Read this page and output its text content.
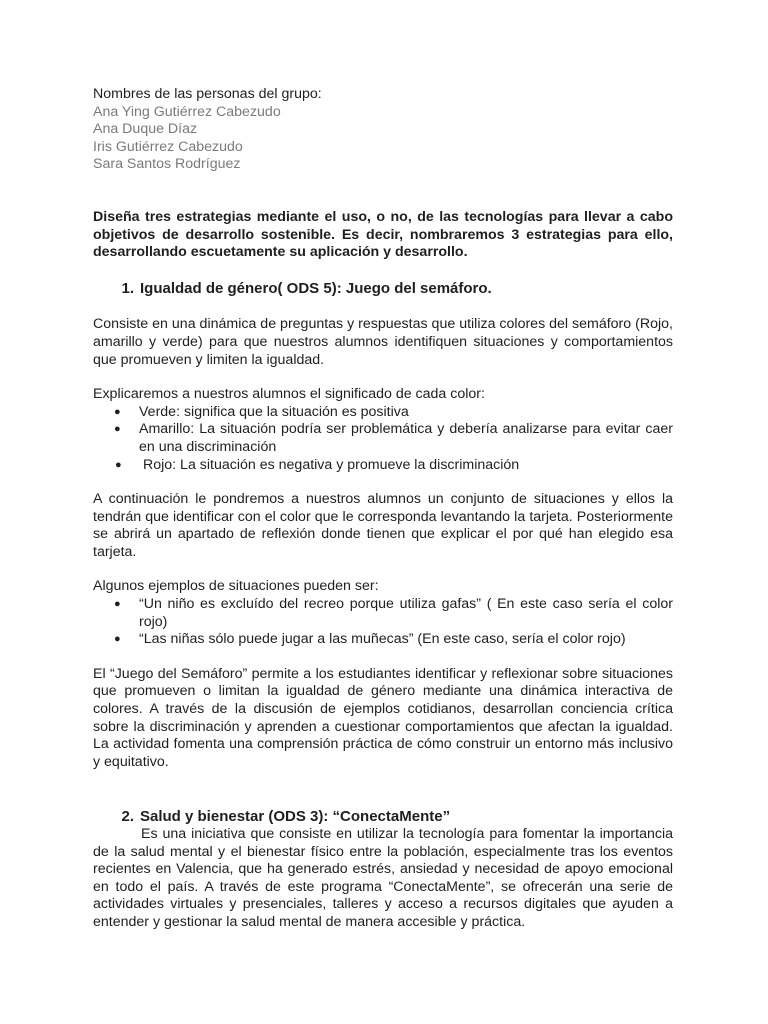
Nombres de las personas del grupo:

Ana Ying Gutiérrez Cabezudo

Ana Duque Díaz

Iris Gutiérrez Cabezudo

Sara Santos Rodríguez

Diseña tres estrategias mediante el uso, o no, de las tecnologías para llevar a cabo objetivos de desarrollo sostenible. Es decir, nombraremos 3 estrategias para ello, desarrollando escuetamente su aplicación y desarrollo.

1. Igualdad de género( ODS 5): Juego del semáforo.

Consiste en una dinámica de preguntas y respuestas que utiliza colores del semáforo (Rojo, amarillo y verde) para que nuestros alumnos identifiquen situaciones y comportamientos que promueven y limiten la igualdad.

Explicaremos a nuestros alumnos el significado de cada color:

●	Verde: significa que la situación es positiva
●	Amarillo: La situación podría ser problemática y debería analizarse para evitar caer en una discriminación
●	Rojo: La situación es negativa y promueve la discriminación

A continuación le pondremos a nuestros alumnos un conjunto de situaciones y ellos la tendrán que identificar con el color que le corresponda levantando la tarjeta. Posteriormente se abrirá un apartado de reflexión donde tienen que explicar el por qué han elegido esa tarjeta.

Algunos ejemplos de situaciones pueden ser:

●	“Un niño es excluído del recreo porque utiliza gafas” ( En este caso sería el color rojo)
●	“Las niñas sólo puede jugar a las muñecas” (En este caso, sería el color rojo)

El “Juego del Semáforo” permite a los estudiantes identificar y reflexionar sobre situaciones que promueven o limitan la igualdad de género mediante una dinámica interactiva de colores. A través de la discusión de ejemplos cotidianos, desarrollan conciencia crítica sobre la discriminación y aprenden a cuestionar comportamientos que afectan la igualdad. La actividad fomenta una comprensión práctica de cómo construir un entorno más inclusivo y equitativo.

2. Salud y bienestar (ODS 3): “ConectaMente”

Es una iniciativa que consiste en utilizar la tecnología para fomentar la importancia de la salud mental y el bienestar físico entre la población, especialmente tras los eventos recientes en Valencia, que ha generado estrés, ansiedad y necesidad de apoyo emocional en todo el país. A través de este programa “ConectaMente”, se ofrecerán una serie de actividades virtuales y presenciales, talleres y acceso a recursos digitales que ayuden a entender y gestionar la salud mental de manera accesible y práctica.
